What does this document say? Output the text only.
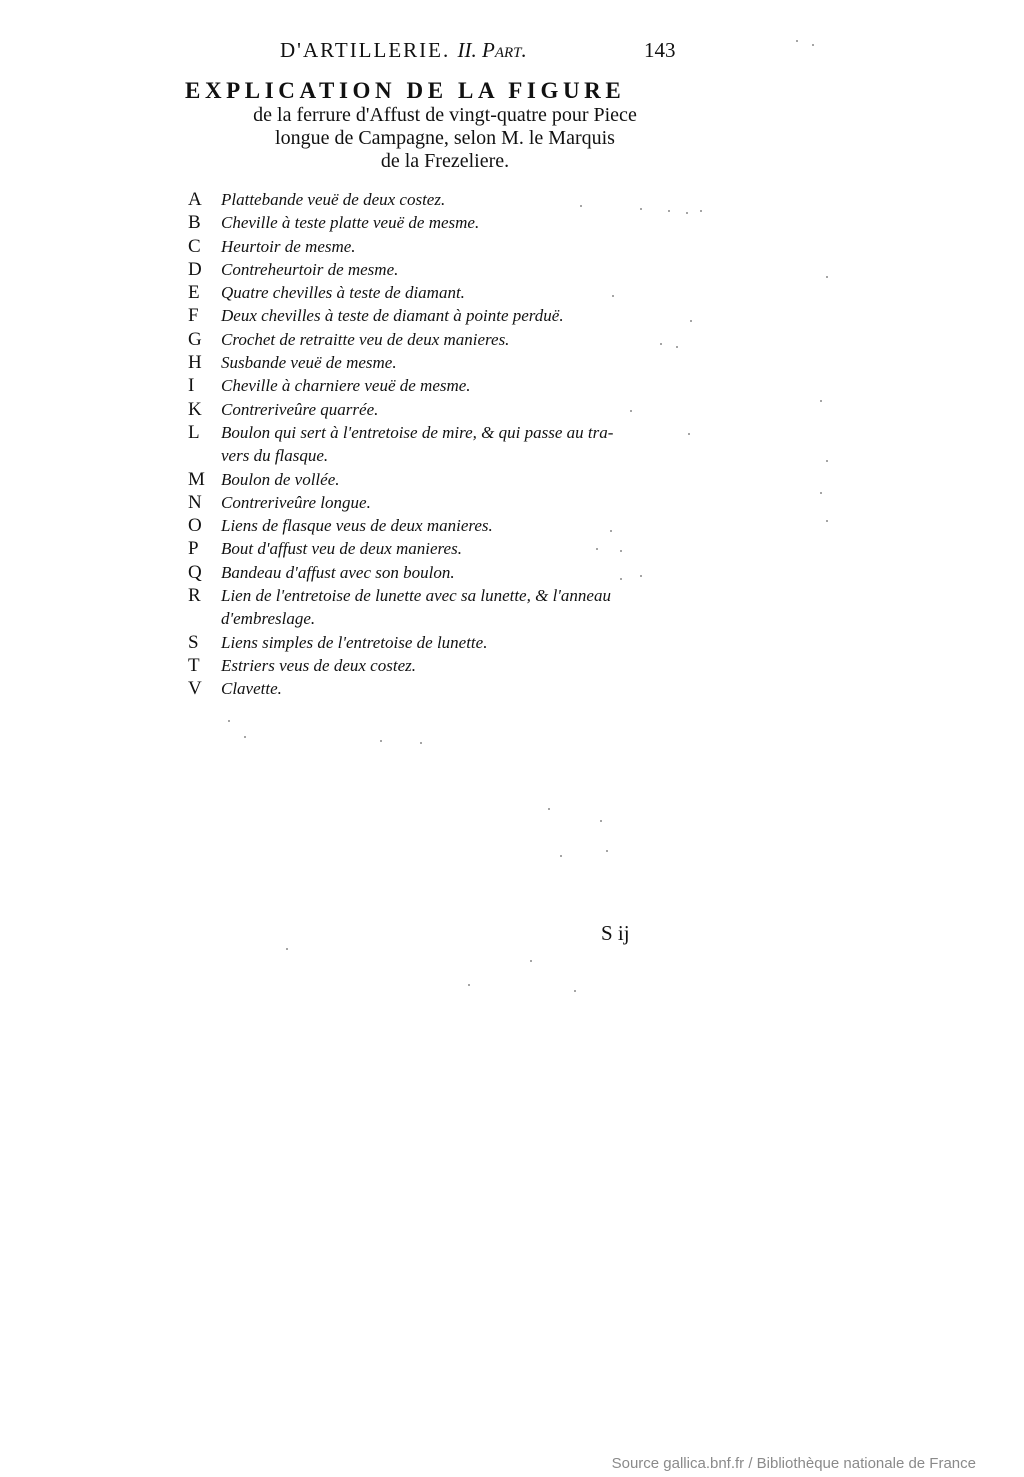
D'ARTILLERIE. II. Part.	143
EXPLICATION DE LA FIGURE
de la ferrure d'Affust de vingt-quatre pour Piece
longue de Campagne, selon M. le Marquis
de la Frezeliere.
A	Plattebande veuë de deux costez.
B	Cheville à teste platte veuë de mesme.
C	Heurtoir de mesme.
D	Contreheurtoir de mesme.
E	Quatre chevilles à teste de diamant.
F	Deux chevilles à teste de diamant à pointe perduë.
G	Crochet de retraitte veu de deux manieres.
H	Susbande veuë de mesme.
I	Cheville à charniere veuë de mesme.
K	Contreriveûre quarrée.
L	Boulon qui sert à l'entretoise de mire, & qui passe au tra-
vers du flasque.
M Boulon de vollée.
N	Contreriveûre longue.
O	Liens de flasque veus de deux manieres.
P	Bout d'affust veu de deux manieres.
Q	Bandeau d'affust avec son boulon.
R	Lien de l'entretoise de lunette avec sa lunette, & l'anneau
d'embreslage.
S	Liens simples de l'entretoise de lunette.
T	Estriers veus de deux costez.
V	Clavette.
S ij
Source gallica.bnf.fr / Bibliothèque nationale de France
